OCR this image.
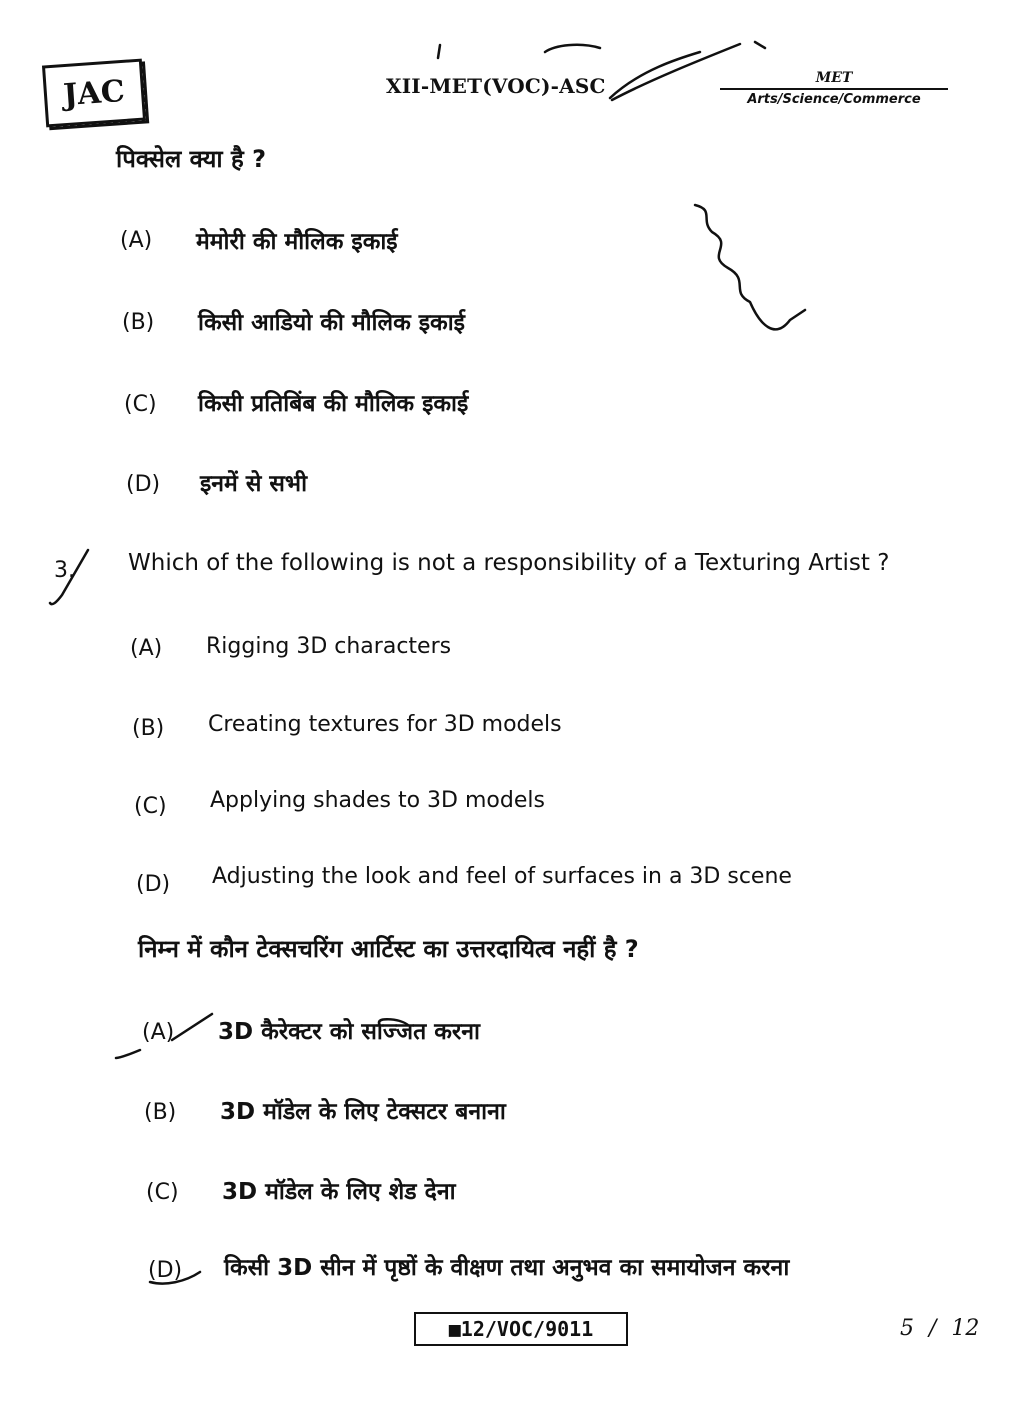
JAC	XII-MET(VOC)-ASC	MET
Arts/Science/Commerce
पिक्सेल क्या है ?
(A) मेमोरी की मौलिक इकाई
(B) किसी आडियो की मौलिक इकाई
(C) किसी प्रतिबिंब की मौलिक इकाई
(D) इनमें से सभी
3. Which of the following is not a responsibility of a Texturing Artist ?
(A) Rigging 3D characters
(B) Creating textures for 3D models
(C) Applying shades to 3D models
(D) Adjusting the look and feel of surfaces in a 3D scene
निम्न में कौन टेक्सचरिंग आर्टिस्ट का उत्तरदायित्व नहीं है ?
(A) 3D कैरेक्टर को सज्जित करना
(B) 3D मॉडेल के लिए टेक्सटर बनाना
(C) 3D मॉडेल के लिए शेड देना
(D) किसी 3D सीन में पृष्ठों के वीक्षण तथा अनुभव का समायोजन करना
■12/VOC/9011	5 / 12
